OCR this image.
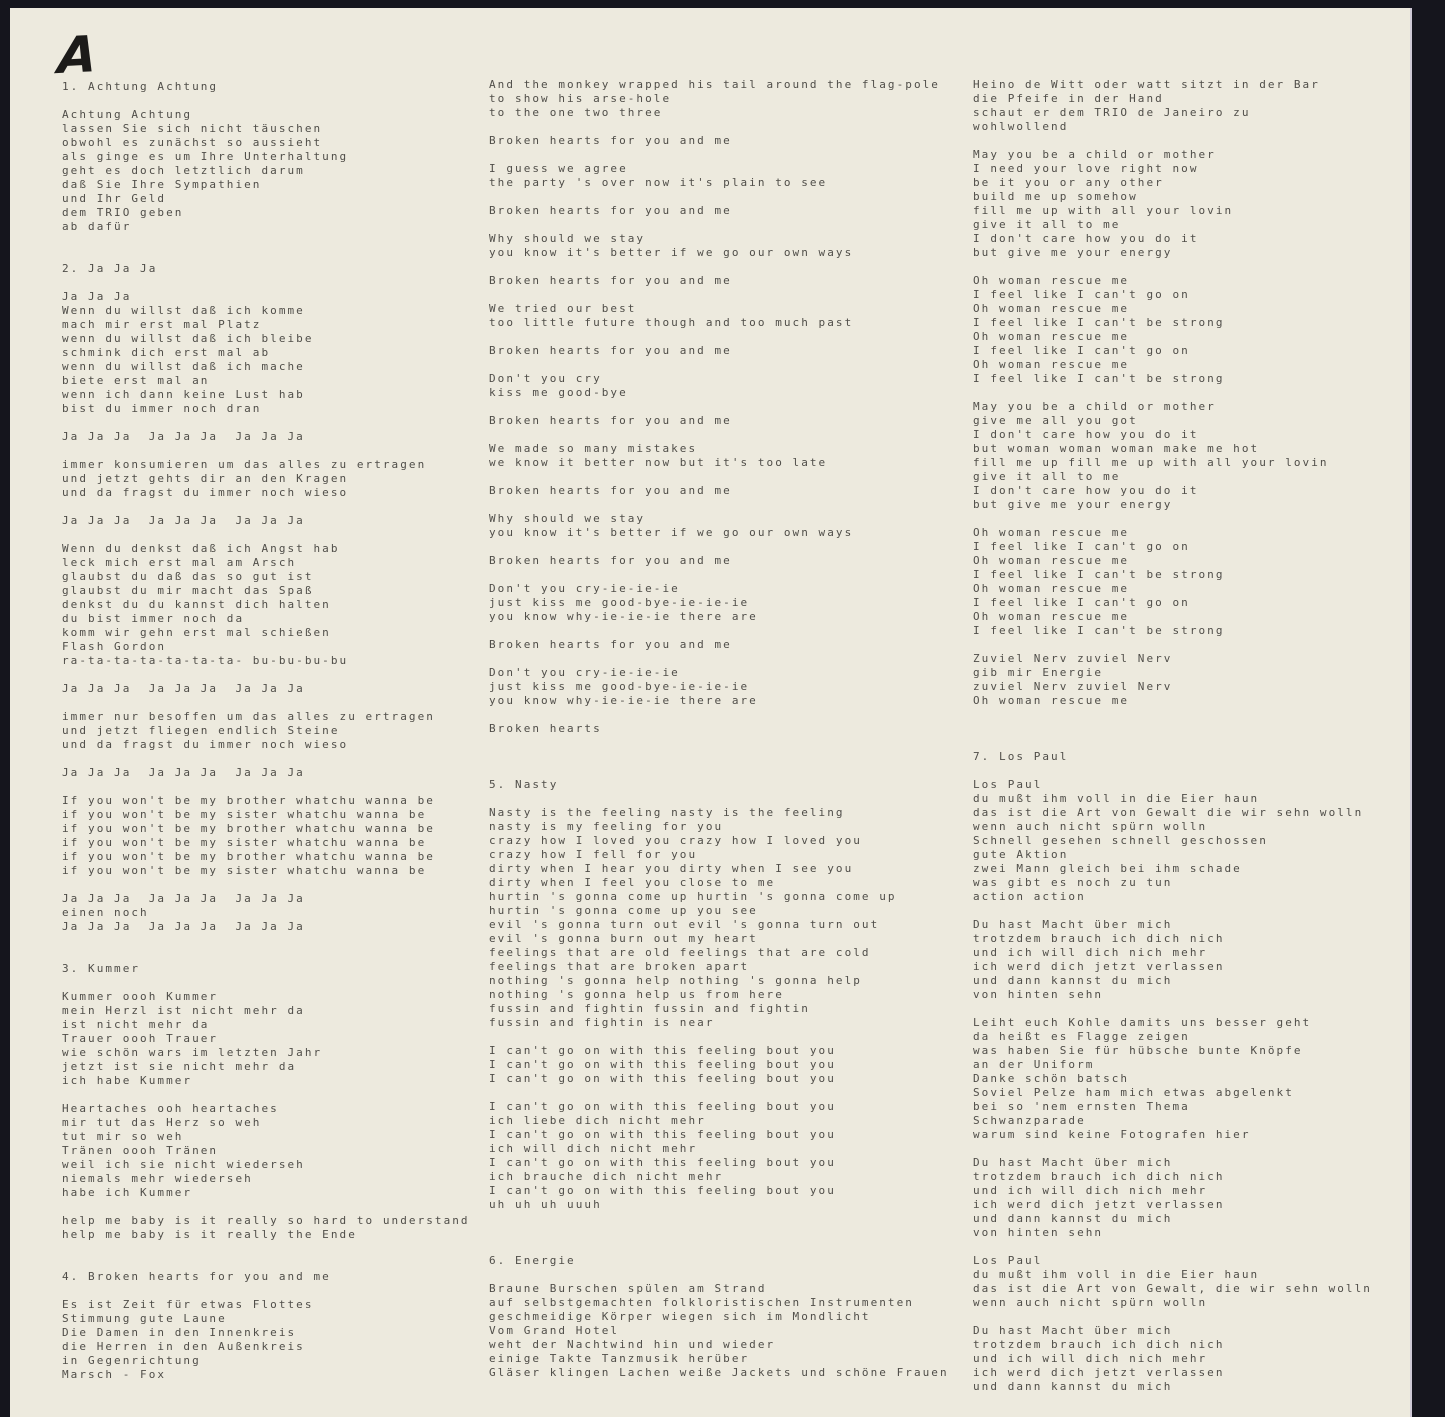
A
1. Achtung Achtung
Achtung Achtung
lassen Sie sich nicht täuschen
obwohl es zunächst so aussieht
als ginge es um Ihre Unterhaltung
geht es doch letztlich darum
daß Sie Ihre Sympathien
und Ihr Geld
dem TRIO geben
ab dafür
2. Ja Ja Ja
Ja Ja Ja
Wenn du willst daß ich komme
mach mir erst mal Platz
wenn du willst daß ich bleibe
schmink dich erst mal ab
wenn du willst daß ich mache
biete erst mal an
wenn ich dann keine Lust hab
bist du immer noch dran
Ja Ja Ja  Ja Ja Ja  Ja Ja Ja
immer konsumieren um das alles zu ertragen
und jetzt gehts dir an den Kragen
und da fragst du immer noch wieso
Ja Ja Ja  Ja Ja Ja  Ja Ja Ja
Wenn du denkst daß ich Angst hab
leck mich erst mal am Arsch
glaubst du daß das so gut ist
glaubst du mir macht das Spaß
denkst du du kannst dich halten
du bist immer noch da
komm wir gehn erst mal schießen
Flash Gordon
ra-ta-ta-ta-ta-ta-ta- bu-bu-bu-bu
Ja Ja Ja  Ja Ja Ja  Ja Ja Ja
immer nur besoffen um das alles zu ertragen
und jetzt fliegen endlich Steine
und da fragst du immer noch wieso
Ja Ja Ja  Ja Ja Ja  Ja Ja Ja
If you won't be my brother whatchu wanna be
if you won't be my sister whatchu wanna be
if you won't be my brother whatchu wanna be
if you won't be my sister whatchu wanna be
if you won't be my brother whatchu wanna be
if you won't be my sister whatchu wanna be
Ja Ja Ja  Ja Ja Ja  Ja Ja Ja
einen noch
Ja Ja Ja  Ja Ja Ja  Ja Ja Ja
3. Kummer
Kummer oooh Kummer
mein Herzl ist nicht mehr da
ist nicht mehr da
Trauer oooh Trauer
wie schön wars im letzten Jahr
jetzt ist sie nicht mehr da
ich habe Kummer
Heartaches ooh heartaches
mir tut das Herz so weh
tut mir so weh
Tränen oooh Tränen
weil ich sie nicht wiederseh
niemals mehr wiederseh
habe ich Kummer
help me baby is it really so hard to understand
help me baby is it really the Ende
4. Broken hearts for you and me
Es ist Zeit für etwas Flottes
Stimmung gute Laune
Die Damen in den Innenkreis
die Herren in den Außenkreis
in Gegenrichtung
Marsch - Fox
And the monkey wrapped his tail around the flag-pole
to show his arse-hole
to the one two three
Broken hearts for you and me
I guess we agree
the party 's over now it's plain to see
Broken hearts for you and me
Why should we stay
you know it's better if we go our own ways
Broken hearts for you and me
We tried our best
too little future though and too much past
Broken hearts for you and me
Don't you cry
kiss me good-bye
Broken hearts for you and me
We made so many mistakes
we know it better now but it's too late
Broken hearts for you and me
Why should we stay
you know it's better if we go our own ways
Broken hearts for you and me
Don't you cry-ie-ie-ie
just kiss me good-bye-ie-ie-ie
you know why-ie-ie-ie there are
Broken hearts for you and me
Don't you cry-ie-ie-ie
just kiss me good-bye-ie-ie-ie
you know why-ie-ie-ie there are
Broken hearts
5. Nasty
Nasty is the feeling nasty is the feeling
nasty is my feeling for you
crazy how I loved you crazy how I loved you
crazy how I fell for you
dirty when I hear you dirty when I see you
dirty when I feel you close to me
hurtin 's gonna come up hurtin 's gonna come up
hurtin 's gonna come up you see
evil 's gonna turn out evil 's gonna turn out
evil 's gonna burn out my heart
feelings that are old feelings that are cold
feelings that are broken apart
nothing 's gonna help nothing 's gonna help
nothing 's gonna help us from here
fussin and fightin fussin and fightin
fussin and fightin is near
I can't go on with this feeling bout you
I can't go on with this feeling bout you
I can't go on with this feeling bout you
I can't go on with this feeling bout you
ich liebe dich nicht mehr
I can't go on with this feeling bout you
ich will dich nicht mehr
I can't go on with this feeling bout you
ich brauche dich nicht mehr
I can't go on with this feeling bout you
uh uh uh uuuh
6. Energie
Braune Burschen spülen am Strand
auf selbstgemachten folkloristischen Instrumenten
geschmeidige Körper wiegen sich im Mondlicht
Vom Grand Hotel
weht der Nachtwind hin und wieder
einige Takte Tanzmusik herüber
Gläser klingen Lachen weiße Jackets und schöne Frauen
Heino de Witt oder watt sitzt in der Bar
die Pfeife in der Hand
schaut er dem TRIO de Janeiro zu
wohlwollend
May you be a child or mother
I need your love right now
be it you or any other
build me up somehow
fill me up with all your lovin
give it all to me
I don't care how you do it
but give me your energy
Oh woman rescue me
I feel like I can't go on
Oh woman rescue me
I feel like I can't be strong
Oh woman rescue me
I feel like I can't go on
Oh woman rescue me
I feel like I can't be strong
May you be a child or mother
give me all you got
I don't care how you do it
but woman woman woman make me hot
fill me up fill me up with all your lovin
give it all to me
I don't care how you do it
but give me your energy
Oh woman rescue me
I feel like I can't go on
Oh woman rescue me
I feel like I can't be strong
Oh woman rescue me
I feel like I can't go on
Oh woman rescue me
I feel like I can't be strong
Zuviel Nerv zuviel Nerv
gib mir Energie
zuviel Nerv zuviel Nerv
Oh woman rescue me
7. Los Paul
Los Paul
du mußt ihm voll in die Eier haun
das ist die Art von Gewalt die wir sehn wolln
wenn auch nicht spürn wolln
Schnell gesehen schnell geschossen
gute Aktion
zwei Mann gleich bei ihm schade
was gibt es noch zu tun
action action
Du hast Macht über mich
trotzdem brauch ich dich nich
und ich will dich nich mehr
ich werd dich jetzt verlassen
und dann kannst du mich
von hinten sehn
Leiht euch Kohle damits uns besser geht
da heißt es Flagge zeigen
was haben Sie für hübsche bunte Knöpfe
an der Uniform
Danke schön batsch
Soviel Pelze ham mich etwas abgelenkt
bei so 'nem ernsten Thema
Schwanzparade
warum sind keine Fotografen hier
Du hast Macht über mich
trotzdem brauch ich dich nich
und ich will dich nich mehr
ich werd dich jetzt verlassen
und dann kannst du mich
von hinten sehn
Los Paul
du mußt ihm voll in die Eier haun
das ist die Art von Gewalt, die wir sehn wolln
wenn auch nicht spürn wolln
Du hast Macht über mich
trotzdem brauch ich dich nich
und ich will dich nich mehr
ich werd dich jetzt verlassen
und dann kannst du mich
